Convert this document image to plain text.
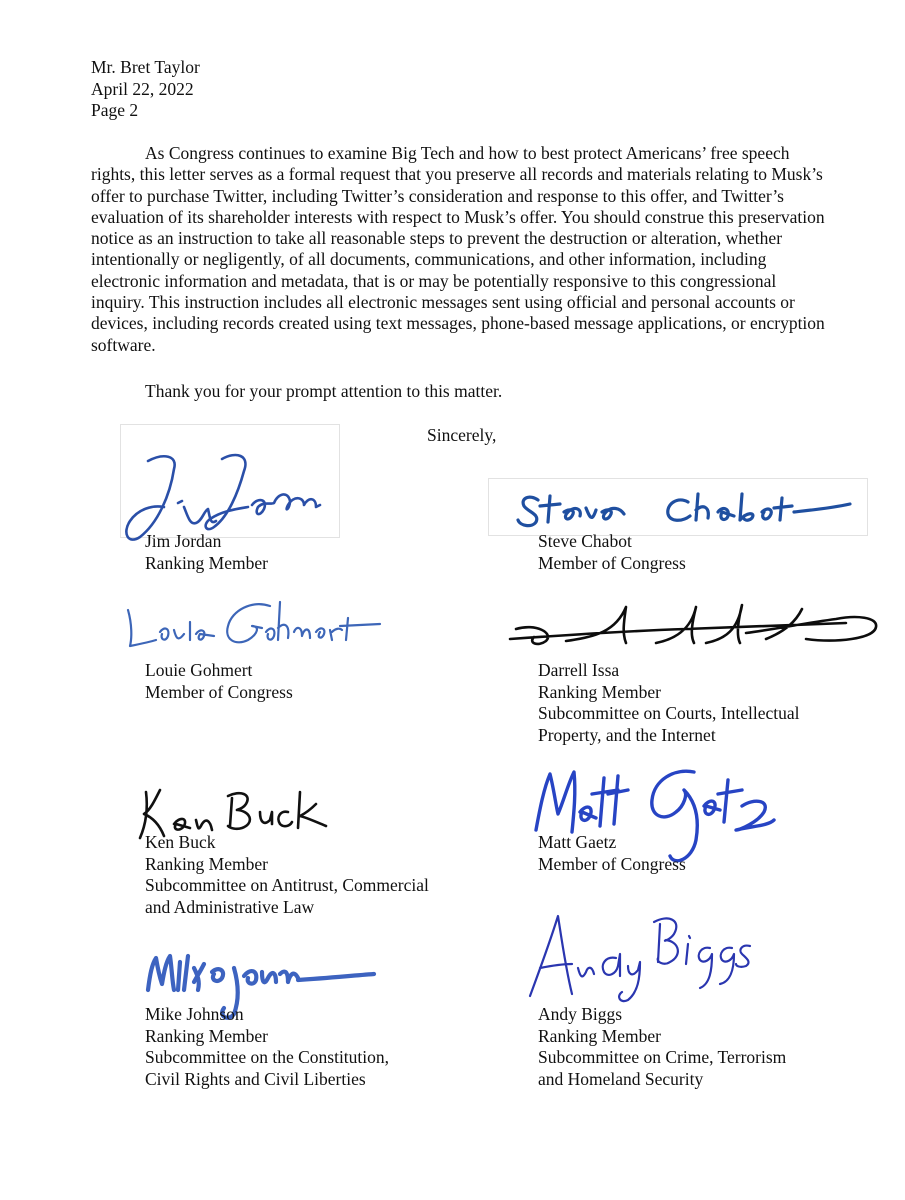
Mr. Bret Taylor
April 22, 2022
Page 2

As Congress continues to examine Big Tech and how to best protect Americans’ free speech rights, this letter serves as a formal request that you preserve all records and materials relating to Musk’s offer to purchase Twitter, including Twitter’s consideration and response to this offer, and Twitter’s evaluation of its shareholder interests with respect to Musk’s offer. You should construe this preservation notice as an instruction to take all reasonable steps to prevent the destruction or alteration, whether intentionally or negligently, of all documents, communications, and other information, including electronic information and metadata, that is or may be potentially responsive to this congressional inquiry. This instruction includes all electronic messages sent using official and personal accounts or devices, including records created using text messages, phone-based message applications, or encryption software.

Thank you for your prompt attention to this matter.

Sincerely,

Jim Jordan
Ranking Member
Steve Chabot
Member of Congress
Louie Gohmert
Member of Congress
Darrell Issa
Ranking Member
Subcommittee on Courts, Intellectual
Property, and the Internet
Ken Buck
Ranking Member
Subcommittee on Antitrust, Commercial
and Administrative Law
Matt Gaetz
Member of Congress
Mike Johnson
Ranking Member
Subcommittee on the Constitution,
Civil Rights and Civil Liberties
Andy Biggs
Ranking Member
Subcommittee on Crime, Terrorism
and Homeland Security
